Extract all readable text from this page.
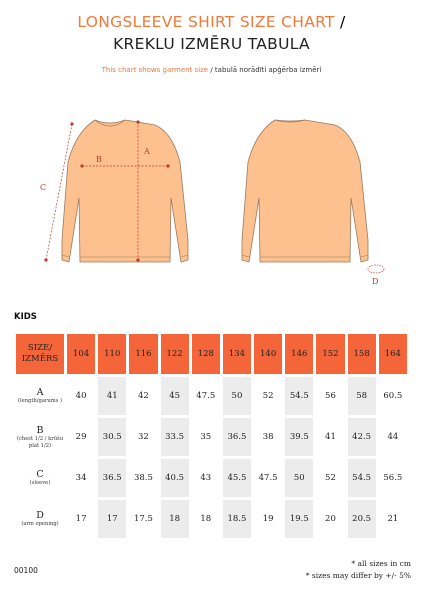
LONGSLEEVE SHIRT SIZE CHART /
KREKLU IZMĒRU TABULA
This chart shows garment size / tabulā norādīti apģērba izmēri
B
A
C
D
KIDS
SIZE/
IZMĒRS	104	110	116	122	128	134	140	146	152	158	164

A
(length/garums )	40	41	42	45	47.5	50	52	54.5	56	58	60.5

B
(chest 1/2 / krūšu plat 1/2)	29	30.5	32	33.5	35	36.5	38	39.5	41	42.5	44

C
(sleeve)	34	36.5	38.5	40.5	43	45.5	47.5	50	52	54.5	56.5

D
(arm opening)	17	17	17.5	18	18	18.5	19	19.5	20	20.5	21
00100
* all sizes in cm
* sizes may differ by +/- 5%
